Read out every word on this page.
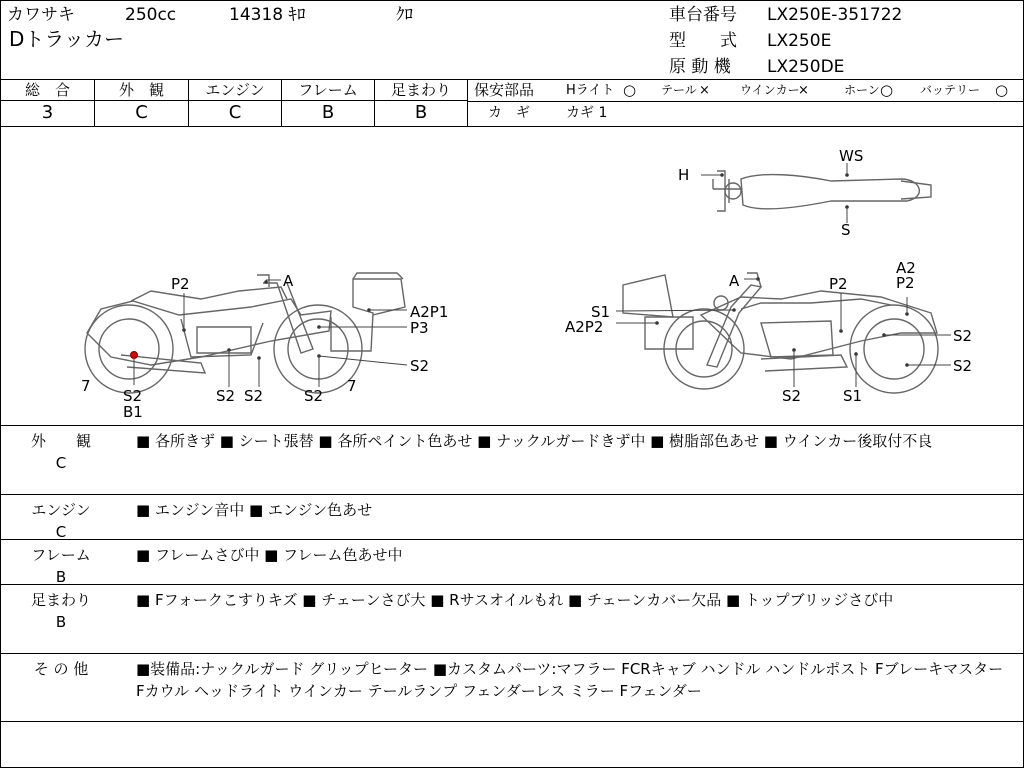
カワサキ	250cc	14318 ｷﾛ	ｸﾛ
Dトラッカー
車台番号 LX250E-351722
型　　式 LX250E
原 動 機 LX250DE
総　合
3
外　観
C
エンジン
C
フレーム
B
足まわり
B
保安部品 Hライト ○ テール ×	ウインカー
×	ホーン ○ バッテリー ○
カ　ギ	カギ 1
P2	A
A2P1
P3
S2
7	7
S2
B1
S2 S2	S2
S1
A2P2
A	P2
A2
P2
S2
S2
S2	S1
H
WS
S
外　　観
C
■ 各所きず ■ シート張替 ■ 各所ペイント色あせ ■ ナックルガードきず中 ■ 樹脂部色あせ ■ ウインカー後取付不良
エンジン
C
■ エンジン音中 ■ エンジン色あせ
フレーム
B
■ フレームさび中 ■ フレーム色あせ中
足まわり
B
■ Fフォークこすりキズ ■ チェーンさび大 ■ Rサスオイルもれ ■ チェーンカバー欠品 ■ トップブリッジさび中
そ の 他	■装備品:ナックルガード グリップヒーター ■カスタムパーツ:マフラー FCRキャブ ハンドル ハンドルポスト Fブレーキマスター Fカウル ヘッドライト ウインカー テールランプ フェンダーレス ミラー Fフェンダー
